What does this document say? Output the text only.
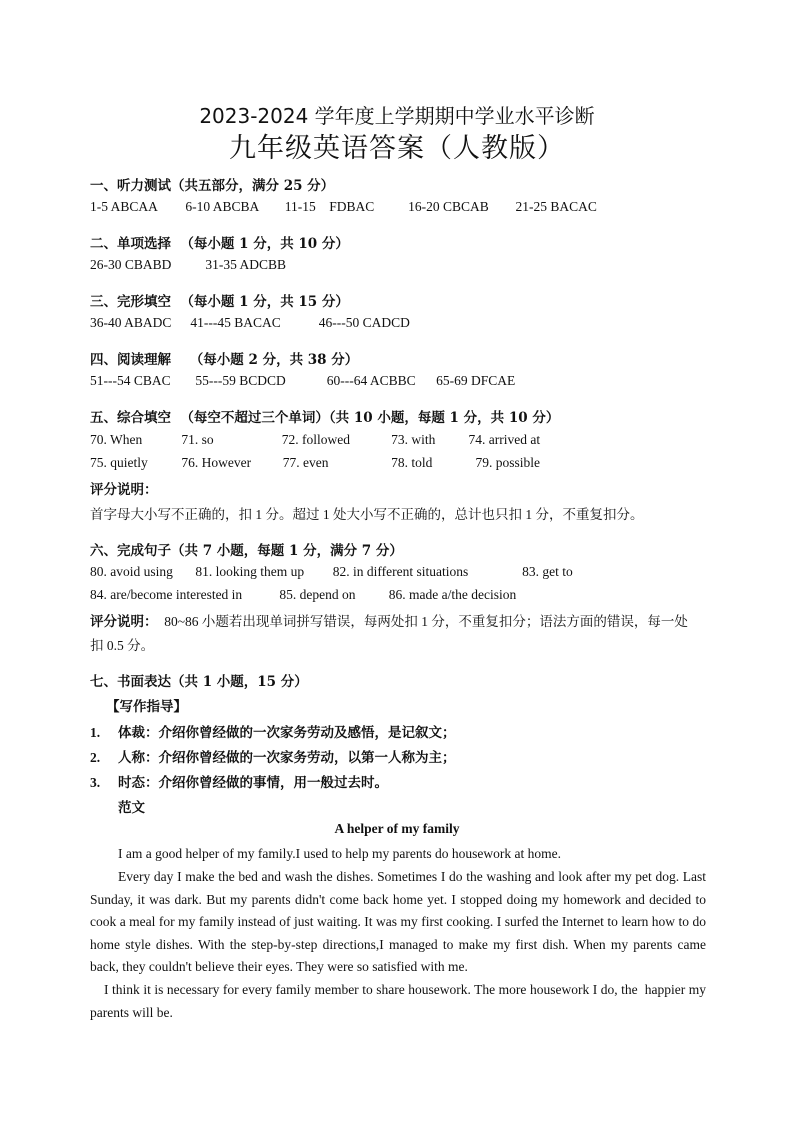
2023-2024 学年度上学期期中学业水平诊断
九年级英语答案（人教版）
一、听力测试（共五部分，满分 25 分）
1-5 ABCAA 6-10 ABCBA 11-15    FDBAC	16-20 CBCAB 21-25 BACAC
二、单项选择  （每小题 1 分，共 10 分）
26-30 CBABD	31-35 ADCBB
三、完形填空  （每小题 1 分，共 15 分）
36-40 ABADC 41---45 BACAC	46---50 CADCD
四、阅读理解    （每小题 2 分，共 38 分）
51---54 CBAC 55---59 BCDCD	60---64 ACBBC 65-69 DFCAE
五、综合填空  （每空不超过三个单词）（共 10 小题，每题 1 分，共 10 分）
70. When	71. so	72. followed	73. with 74. arrived at
75. quietly 76. However 77. even	78. told	79. possible
评分说明：
首字母大小写不正确的，扣 1 分。超过 1 处大小写不正确的，总计也只扣 1 分，不重复扣分。
六、完成句子（共 7 小题，每题 1 分，满分 7 分）
80. avoid using 81. looking them up 82. in different situations	83. get to
84. are/become interested in	85. depend on 86. made a/the decision
评分说明：  80~86 小题若出现单词拼写错误，每两处扣 1 分，不重复扣分；语法方面的错误，每一处
扣 0.5 分。
七、书面表达（共 1 小题，15 分）
【写作指导】
1. 体裁：介绍你曾经做的一次家务劳动及感悟，是记叙文；
2. 人称：介绍你曾经做的一次家务劳动，以第一人称为主；
3. 时态：介绍你曾经做的事情，用一般过去时。
范文
A helper of my family
I am a good helper of my family.I used to help my parents do housework at home.
Every day I make the bed and wash the dishes. Sometimes I do the washing and look after my pet dog. Last Sunday, it was dark. But my parents didn't come back home yet. I stopped doing my homework and decided to cook a meal for my family instead of just waiting. It was my first cooking. I surfed the Internet to learn how to do home style dishes. With the step-by-step directions,I managed to make my first dish. When my parents came back, they couldn't believe their eyes. They were so satisfied with me.
I think it is necessary for every family member to share housework. The more housework I do, the  happier my parents will be.
